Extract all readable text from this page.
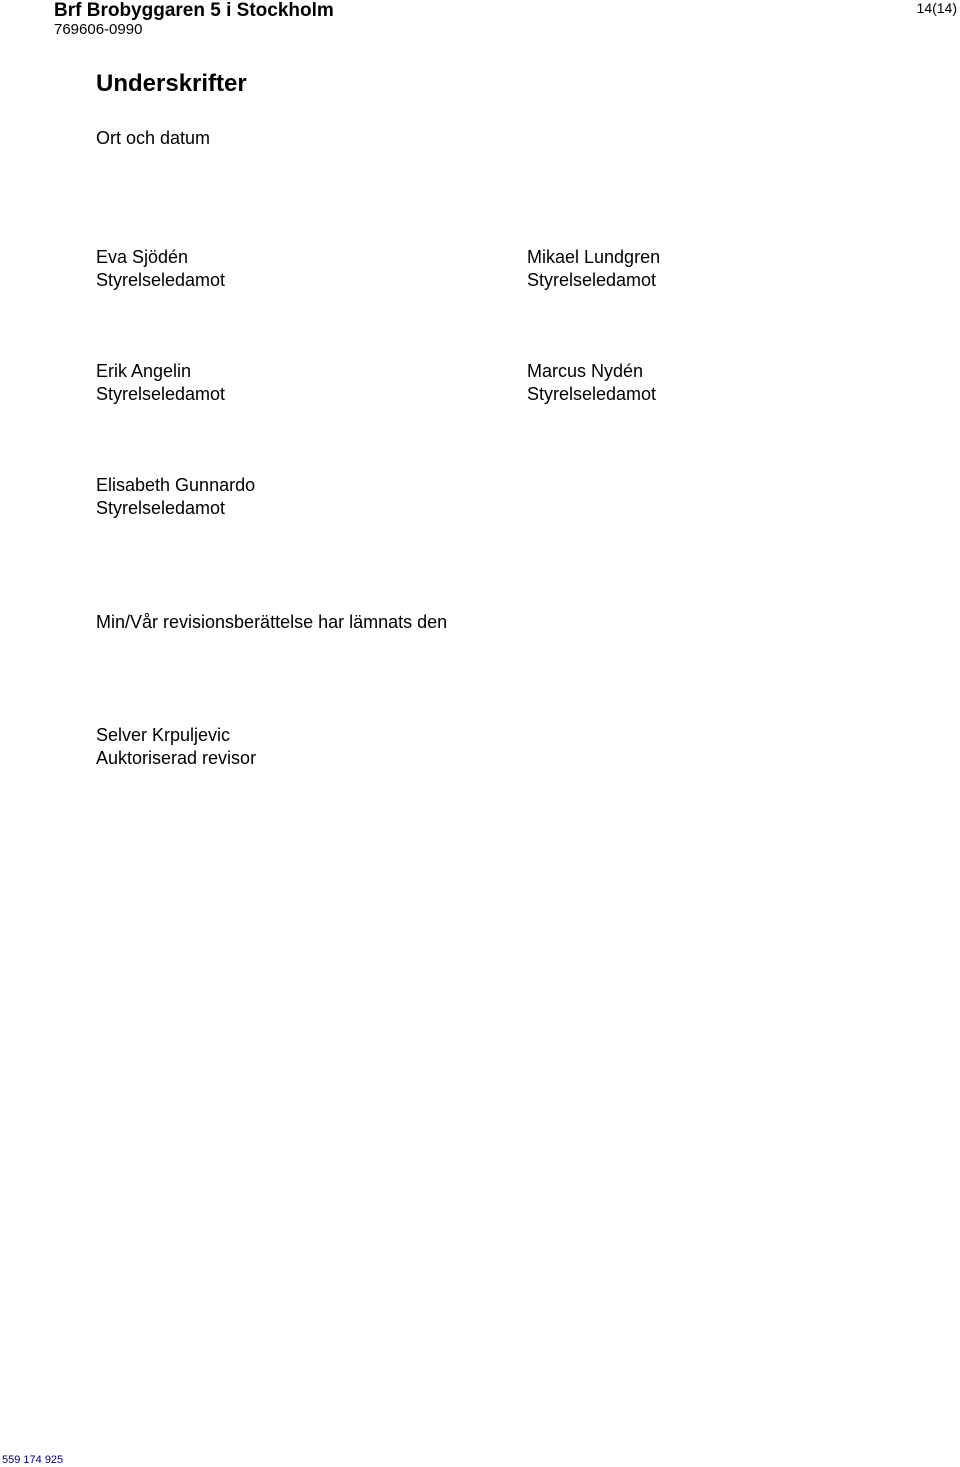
Brf Brobyggaren 5 i Stockholm
769606-0990
14(14)
Underskrifter
Ort och datum
Eva Sjödén
Styrelseledamot
Mikael Lundgren
Styrelseledamot
Erik Angelin
Styrelseledamot
Marcus Nydén
Styrelseledamot
Elisabeth Gunnardo
Styrelseledamot
Min/Vår revisionsberättelse har lämnats den
Selver Krpuljevic
Auktoriserad revisor
559 174 925
